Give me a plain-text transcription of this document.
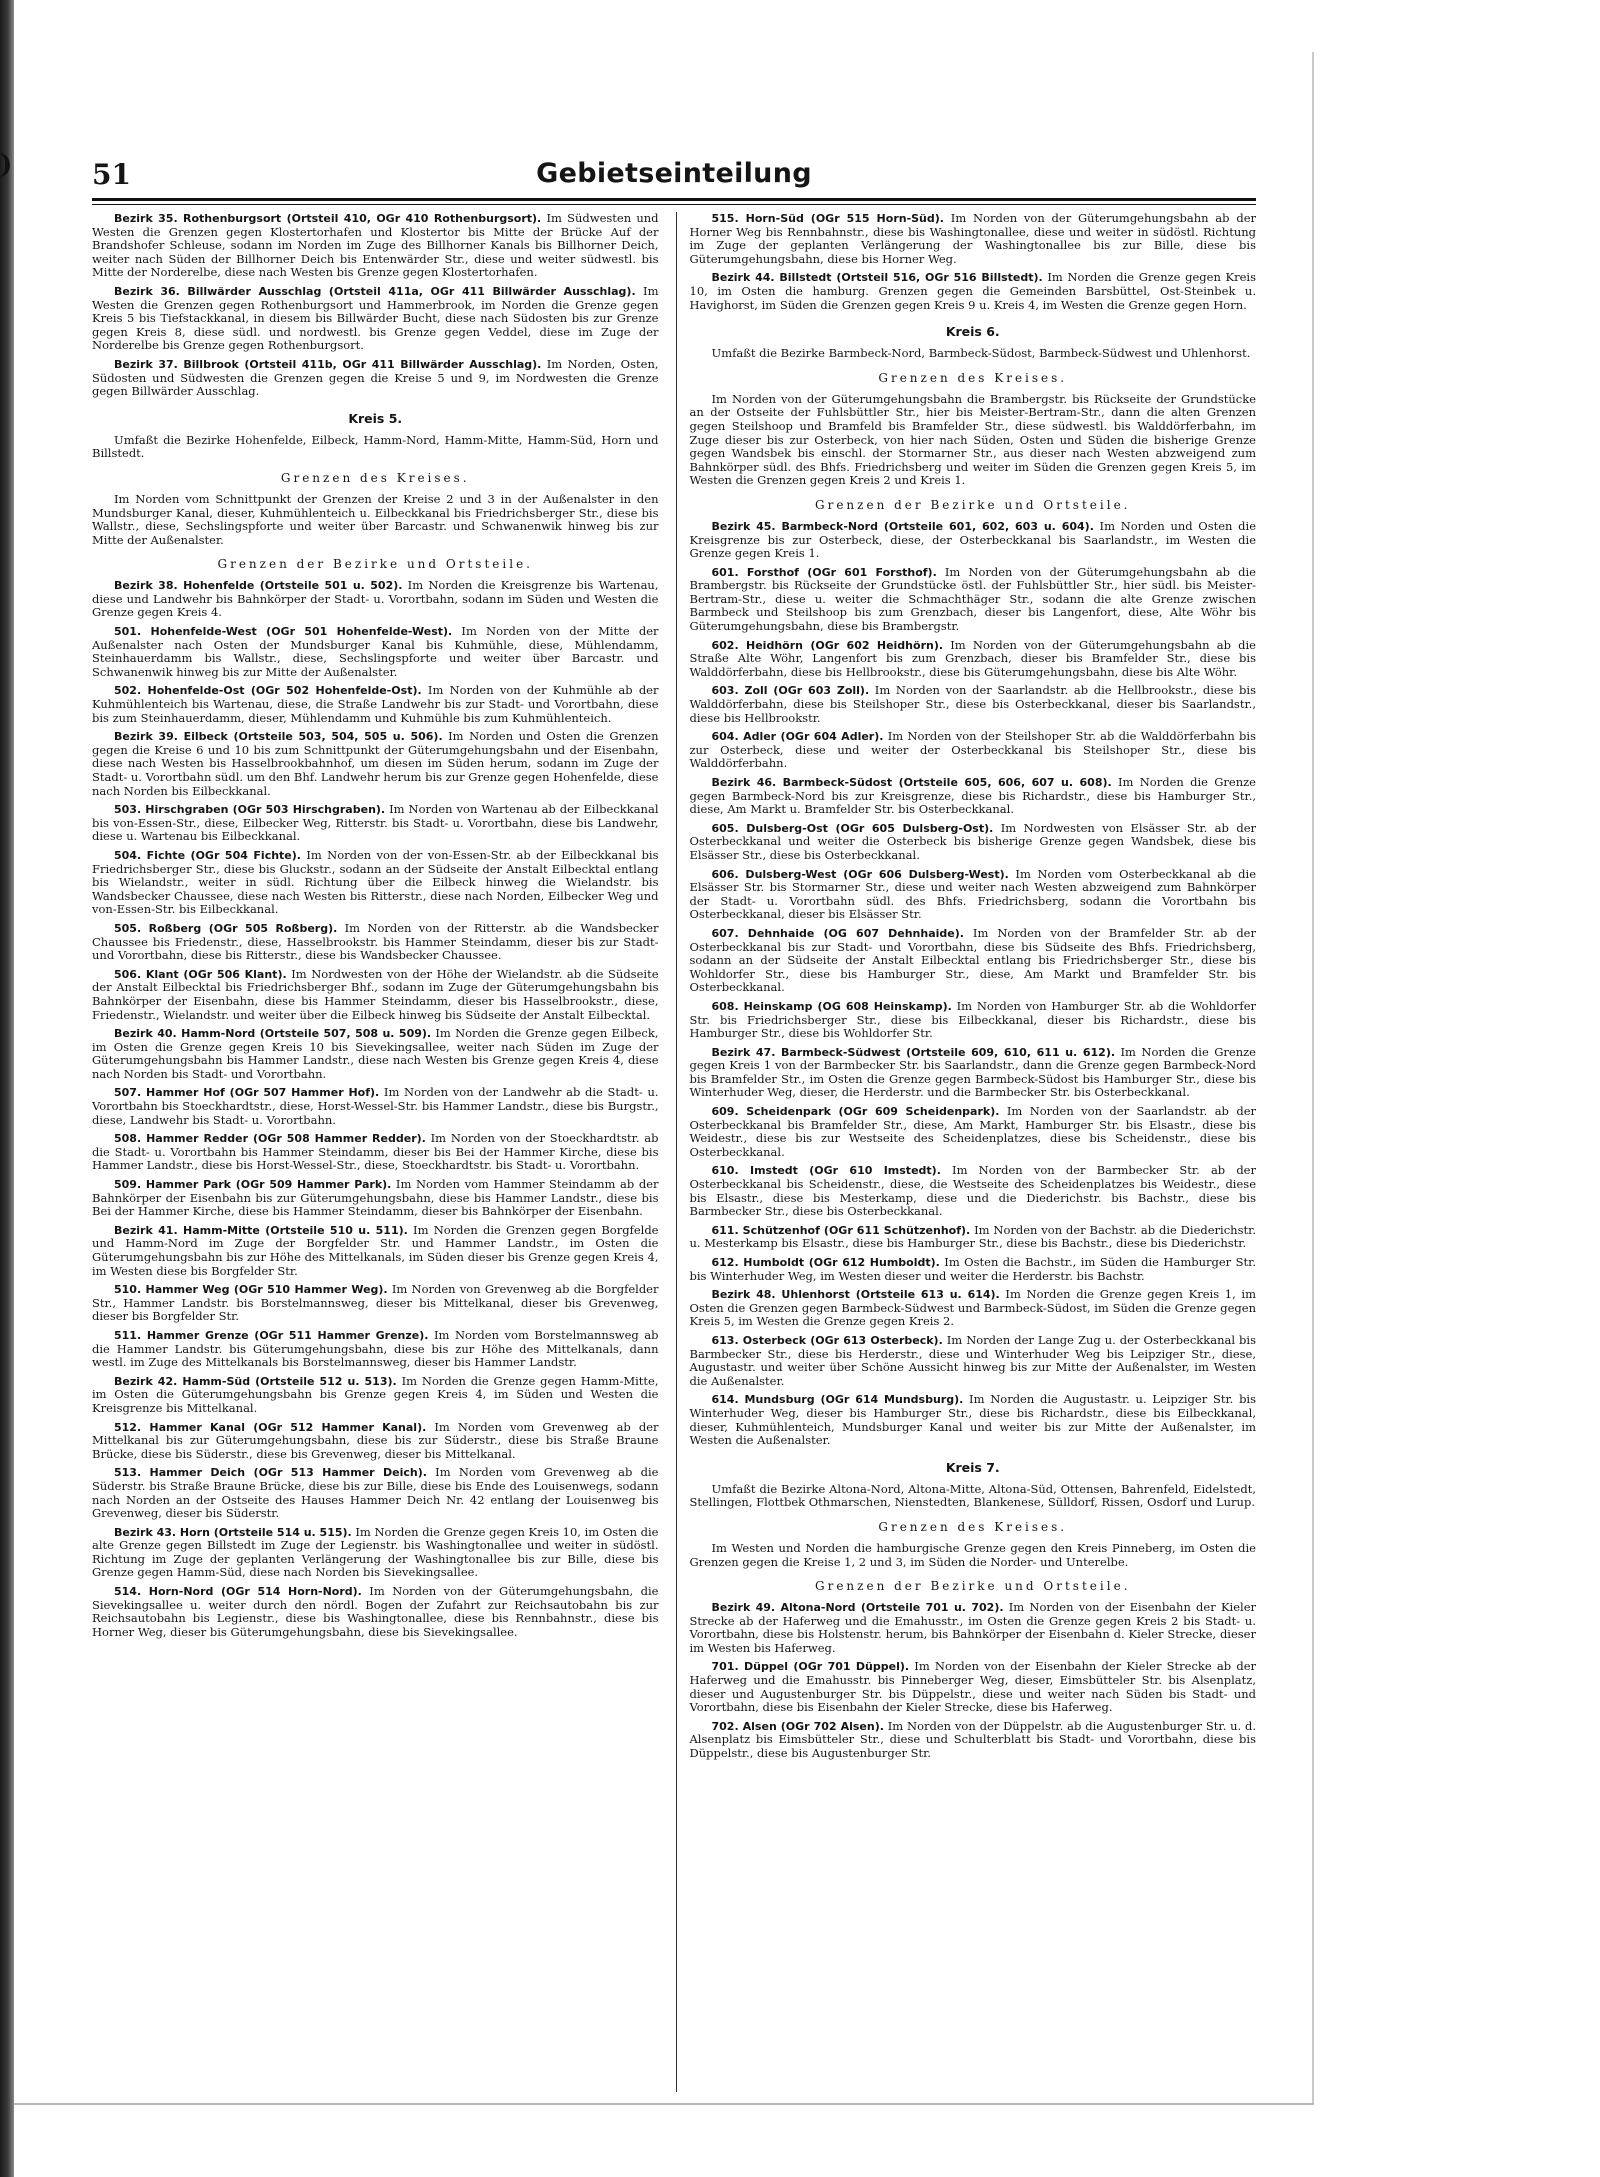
)	51	Gebietseinteilung

Bezirk 35. Rothenburgsort (Ortsteil 410, OGr 410 Rothenburgsort). Im Südwesten und Westen die Grenzen gegen Klostertorhafen und Klostertor bis Mitte der Brücke Auf der Brandshofer Schleuse, sodann im Norden im Zuge des Billhorner Kanals bis Billhorner Deich, weiter nach Süden der Billhorner Deich bis Entenwärder Str., diese und weiter südwestl. bis Mitte der Norderelbe, diese nach Westen bis Grenze gegen Klostertorhafen.

Bezirk 36. Billwärder Ausschlag (Ortsteil 411a, OGr 411 Billwärder Ausschlag). Im Westen die Grenzen gegen Rothenburgsort und Hammerbrook, im Norden die Grenze gegen Kreis 5 bis Tiefstackkanal, in diesem bis Billwärder Bucht, diese nach Südosten bis zur Grenze gegen Kreis 8, diese südl. und nordwestl. bis Grenze gegen Veddel, diese im Zuge der Norderelbe bis Grenze gegen Rothenburgsort.

Bezirk 37. Billbrook (Ortsteil 411b, OGr 411 Billwärder Ausschlag). Im Norden, Osten, Südosten und Südwesten die Grenzen gegen die Kreise 5 und 9, im Nordwesten die Grenze gegen Billwärder Ausschlag.

Kreis 5.

Umfaßt die Bezirke Hohenfelde, Eilbeck, Hamm-Nord, Hamm-Mitte, Hamm-Süd, Horn und Billstedt.

Grenzen des Kreises.

Im Norden vom Schnittpunkt der Grenzen der Kreise 2 und 3 in der Außenalster in den Mundsburger Kanal, dieser, Kuhmühlenteich u. Eilbeckkanal bis Friedrichsberger Str., diese bis Wallstr., diese, Sechslingspforte und weiter über Barcastr. und Schwanenwik hinweg bis zur Mitte der Außenalster.

Grenzen der Bezirke und Ortsteile.

Bezirk 38. Hohenfelde (Ortsteile 501 u. 502). Im Norden die Kreisgrenze bis Wartenau, diese und Landwehr bis Bahnkörper der Stadt- u. Vorortbahn, sodann im Süden und Westen die Grenze gegen Kreis 4.

501. Hohenfelde-West (OGr 501 Hohenfelde-West). Im Norden von der Mitte der Außenalster nach Osten der Mundsburger Kanal bis Kuhmühle, diese, Mühlendamm, Steinhauerdamm bis Wallstr., diese, Sechslingspforte und weiter über Barcastr. und Schwanenwik hinweg bis zur Mitte der Außenalster.

502. Hohenfelde-Ost (OGr 502 Hohenfelde-Ost). Im Norden von der Kuhmühle ab der Kuhmühlenteich bis Wartenau, diese, die Straße Landwehr bis zur Stadt- und Vorortbahn, diese bis zum Steinhauerdamm, dieser, Mühlendamm und Kuhmühle bis zum Kuhmühlenteich.

Bezirk 39. Eilbeck (Ortsteile 503, 504, 505 u. 506). Im Norden und Osten die Grenzen gegen die Kreise 6 und 10 bis zum Schnittpunkt der Güterumgehungsbahn und der Eisenbahn, diese nach Westen bis Hasselbrookbahnhof, um diesen im Süden herum, sodann im Zuge der Stadt- u. Vorortbahn südl. um den Bhf. Landwehr herum bis zur Grenze gegen Hohenfelde, diese nach Norden bis Eilbeckkanal.

503. Hirschgraben (OGr 503 Hirschgraben). Im Norden von Wartenau ab der Eilbeckkanal bis von-Essen-Str., diese, Eilbecker Weg, Ritterstr. bis Stadt- u. Vorortbahn, diese bis Landwehr, diese u. Wartenau bis Eilbeckkanal.

504. Fichte (OGr 504 Fichte). Im Norden von der von-Essen-Str. ab der Eilbeckkanal bis Friedrichsberger Str., diese bis Gluckstr., sodann an der Südseite der Anstalt Eilbecktal entlang bis Wielandstr., weiter in südl. Richtung über die Eilbeck hinweg die Wielandstr. bis Wandsbecker Chaussee, diese nach Westen bis Ritterstr., diese nach Norden, Eilbecker Weg und von-Essen-Str. bis Eilbeckkanal.

505. Roßberg (OGr 505 Roßberg). Im Norden von der Ritterstr. ab die Wandsbecker Chaussee bis Friedenstr., diese, Hasselbrookstr. bis Hammer Steindamm, dieser bis zur Stadt- und Vorortbahn, diese bis Ritterstr., diese bis Wandsbecker Chaussee.

506. Klant (OGr 506 Klant). Im Nordwesten von der Höhe der Wielandstr. ab die Südseite der Anstalt Eilbecktal bis Friedrichsberger Bhf., sodann im Zuge der Güterumgehungsbahn bis Bahnkörper der Eisenbahn, diese bis Hammer Steindamm, dieser bis Hasselbrookstr., diese, Friedenstr., Wielandstr. und weiter über die Eilbeck hinweg bis Südseite der Anstalt Eilbecktal.

Bezirk 40. Hamm-Nord (Ortsteile 507, 508 u. 509). Im Norden die Grenze gegen Eilbeck, im Osten die Grenze gegen Kreis 10 bis Sievekingsallee, weiter nach Süden im Zuge der Güterumgehungsbahn bis Hammer Landstr., diese nach Westen bis Grenze gegen Kreis 4, diese nach Norden bis Stadt- und Vorortbahn.

507. Hammer Hof (OGr 507 Hammer Hof). Im Norden von der Landwehr ab die Stadt- u. Vorortbahn bis Stoeckhardtstr., diese, Horst-Wessel-Str. bis Hammer Landstr., diese bis Burgstr., diese, Landwehr bis Stadt- u. Vorortbahn.

508. Hammer Redder (OGr 508 Hammer Redder). Im Norden von der Stoeckhardtstr. ab die Stadt- u. Vorortbahn bis Hammer Steindamm, dieser bis Bei der Hammer Kirche, diese bis Hammer Landstr., diese bis Horst-Wessel-Str., diese, Stoeckhardtstr. bis Stadt- u. Vorortbahn.

509. Hammer Park (OGr 509 Hammer Park). Im Norden vom Hammer Steindamm ab der Bahnkörper der Eisenbahn bis zur Güterumgehungsbahn, diese bis Hammer Landstr., diese bis Bei der Hammer Kirche, diese bis Hammer Steindamm, dieser bis Bahnkörper der Eisenbahn.

Bezirk 41. Hamm-Mitte (Ortsteile 510 u. 511). Im Norden die Grenzen gegen Borgfelde und Hamm-Nord im Zuge der Borgfelder Str. und Hammer Landstr., im Osten die Güterumgehungsbahn bis zur Höhe des Mittelkanals, im Süden dieser bis Grenze gegen Kreis 4, im Westen diese bis Borgfelder Str.

510. Hammer Weg (OGr 510 Hammer Weg). Im Norden von Grevenweg ab die Borgfelder Str., Hammer Landstr. bis Borstelmannsweg, dieser bis Mittelkanal, dieser bis Grevenweg, dieser bis Borgfelder Str.

511. Hammer Grenze (OGr 511 Hammer Grenze). Im Norden vom Borstelmannsweg ab die Hammer Landstr. bis Güterumgehungsbahn, diese bis zur Höhe des Mittelkanals, dann westl. im Zuge des Mittelkanals bis Borstelmannsweg, dieser bis Hammer Landstr.

Bezirk 42. Hamm-Süd (Ortsteile 512 u. 513). Im Norden die Grenze gegen Hamm-Mitte, im Osten die Güterumgehungsbahn bis Grenze gegen Kreis 4, im Süden und Westen die Kreisgrenze bis Mittelkanal.

512. Hammer Kanal (OGr 512 Hammer Kanal). Im Norden vom Grevenweg ab der Mittelkanal bis zur Güterumgehungsbahn, diese bis zur Süderstr., diese bis Straße Braune Brücke, diese bis Süderstr., diese bis Grevenweg, dieser bis Mittelkanal.

513. Hammer Deich (OGr 513 Hammer Deich). Im Norden vom Grevenweg ab die Süderstr. bis Straße Braune Brücke, diese bis zur Bille, diese bis Ende des Louisenwegs, sodann nach Norden an der Ostseite des Hauses Hammer Deich Nr. 42 entlang der Louisenweg bis Grevenweg, dieser bis Süderstr.

Bezirk 43. Horn (Ortsteile 514 u. 515). Im Norden die Grenze gegen Kreis 10, im Osten die alte Grenze gegen Billstedt im Zuge der Legienstr. bis Washingtonallee und weiter in südöstl. Richtung im Zuge der geplanten Verlängerung der Washingtonallee bis zur Bille, diese bis Grenze gegen Hamm-Süd, diese nach Norden bis Sievekingsallee.

514. Horn-Nord (OGr 514 Horn-Nord). Im Norden von der Güterumgehungsbahn, die Sievekingsallee u. weiter durch den nördl. Bogen der Zufahrt zur Reichsautobahn bis zur Reichsautobahn bis Legienstr., diese bis Washingtonallee, diese bis Rennbahnstr., diese bis Horner Weg, dieser bis Güterumgehungsbahn, diese bis Sievekingsallee.

515. Horn-Süd (OGr 515 Horn-Süd). Im Norden von der Güterumgehungsbahn ab der Horner Weg bis Rennbahnstr., diese bis Washingtonallee, diese und weiter in südöstl. Richtung im Zuge der geplanten Verlängerung der Washingtonallee bis zur Bille, diese bis Güterumgehungsbahn, diese bis Horner Weg.

Bezirk 44. Billstedt (Ortsteil 516, OGr 516 Billstedt). Im Norden die Grenze gegen Kreis 10, im Osten die hamburg. Grenzen gegen die Gemeinden Barsbüttel, Ost-Steinbek u. Havighorst, im Süden die Grenzen gegen Kreis 9 u. Kreis 4, im Westen die Grenze gegen Horn.

Kreis 6.

Umfaßt die Bezirke Barmbeck-Nord, Barmbeck-Südost, Barmbeck-Südwest und Uhlenhorst.

Grenzen des Kreises.

Im Norden von der Güterumgehungsbahn die Brambergstr. bis Rückseite der Grundstücke an der Ostseite der Fuhlsbüttler Str., hier bis Meister-Bertram-Str., dann die alten Grenzen gegen Steilshoop und Bramfeld bis Bramfelder Str., diese südwestl. bis Walddörferbahn, im Zuge dieser bis zur Osterbeck, von hier nach Süden, Osten und Süden die bisherige Grenze gegen Wandsbek bis einschl. der Stormarner Str., aus dieser nach Westen abzweigend zum Bahnkörper südl. des Bhfs. Friedrichsberg und weiter im Süden die Grenzen gegen Kreis 5, im Westen die Grenzen gegen Kreis 2 und Kreis 1.

Grenzen der Bezirke und Ortsteile.

Bezirk 45. Barmbeck-Nord (Ortsteile 601, 602, 603 u. 604). Im Norden und Osten die Kreisgrenze bis zur Osterbeck, diese, der Osterbeckkanal bis Saarlandstr., im Westen die Grenze gegen Kreis 1.

601. Forsthof (OGr 601 Forsthof). Im Norden von der Güterumgehungsbahn ab die Brambergstr. bis Rückseite der Grundstücke östl. der Fuhlsbüttler Str., hier südl. bis Meister-Bertram-Str., diese u. weiter die Schmachthäger Str., sodann die alte Grenze zwischen Barmbeck und Steilshoop bis zum Grenzbach, dieser bis Langenfort, diese, Alte Wöhr bis Güterumgehungsbahn, diese bis Brambergstr.

602. Heidhörn (OGr 602 Heidhörn). Im Norden von der Güterumgehungsbahn ab die Straße Alte Wöhr, Langenfort bis zum Grenzbach, dieser bis Bramfelder Str., diese bis Walddörferbahn, diese bis Hellbrookstr., diese bis Güterumgehungsbahn, diese bis Alte Wöhr.

603. Zoll (OGr 603 Zoll). Im Norden von der Saarlandstr. ab die Hellbrookstr., diese bis Walddörferbahn, diese bis Steilshoper Str., diese bis Osterbeckkanal, dieser bis Saarlandstr., diese bis Hellbrookstr.

604. Adler (OGr 604 Adler). Im Norden von der Steilshoper Str. ab die Walddörferbahn bis zur Osterbeck, diese und weiter der Osterbeckkanal bis Steilshoper Str., diese bis Walddörferbahn.

Bezirk 46. Barmbeck-Südost (Ortsteile 605, 606, 607 u. 608). Im Norden die Grenze gegen Barmbeck-Nord bis zur Kreisgrenze, diese bis Richardstr., diese bis Hamburger Str., diese, Am Markt u. Bramfelder Str. bis Osterbeckkanal.

605. Dulsberg-Ost (OGr 605 Dulsberg-Ost). Im Nordwesten von Elsässer Str. ab der Osterbeckkanal und weiter die Osterbeck bis bisherige Grenze gegen Wandsbek, diese bis Elsässer Str., diese bis Osterbeckkanal.

606. Dulsberg-West (OGr 606 Dulsberg-West). Im Norden vom Osterbeckkanal ab die Elsässer Str. bis Stormarner Str., diese und weiter nach Westen abzweigend zum Bahnkörper der Stadt- u. Vorortbahn südl. des Bhfs. Friedrichsberg, sodann die Vorortbahn bis Osterbeckkanal, dieser bis Elsässer Str.

607. Dehnhaide (OG 607 Dehnhaide). Im Norden von der Bramfelder Str. ab der Osterbeckkanal bis zur Stadt- und Vorortbahn, diese bis Südseite des Bhfs. Friedrichsberg, sodann an der Südseite der Anstalt Eilbecktal entlang bis Friedrichsberger Str., diese bis Wohldorfer Str., diese bis Hamburger Str., diese, Am Markt und Bramfelder Str. bis Osterbeckkanal.

608. Heinskamp (OG 608 Heinskamp). Im Norden von Hamburger Str. ab die Wohldorfer Str. bis Friedrichsberger Str., diese bis Eilbeckkanal, dieser bis Richardstr., diese bis Hamburger Str., diese bis Wohldorfer Str.

Bezirk 47. Barmbeck-Südwest (Ortsteile 609, 610, 611 u. 612). Im Norden die Grenze gegen Kreis 1 von der Barmbecker Str. bis Saarlandstr., dann die Grenze gegen Barmbeck-Nord bis Bramfelder Str., im Osten die Grenze gegen Barmbeck-Südost bis Hamburger Str., diese bis Winterhuder Weg, dieser, die Herderstr. und die Barmbecker Str. bis Osterbeckkanal.

609. Scheidenpark (OGr 609 Scheidenpark). Im Norden von der Saarlandstr. ab der Osterbeckkanal bis Bramfelder Str., diese, Am Markt, Hamburger Str. bis Elsastr., diese bis Weidestr., diese bis zur Westseite des Scheidenplatzes, diese bis Scheidenstr., diese bis Osterbeckkanal.

610. Imstedt (OGr 610 Imstedt). Im Norden von der Barmbecker Str. ab der Osterbeckkanal bis Scheidenstr., diese, die Westseite des Scheidenplatzes bis Weidestr., diese bis Elsastr., diese bis Mesterkamp, diese und die Diederichstr. bis Bachstr., diese bis Barmbecker Str., diese bis Osterbeckkanal.

611. Schützenhof (OGr 611 Schützenhof). Im Norden von der Bachstr. ab die Diederichstr. u. Mesterkamp bis Elsastr., diese bis Hamburger Str., diese bis Bachstr., diese bis Diederichstr.

612. Humboldt (OGr 612 Humboldt). Im Osten die Bachstr., im Süden die Hamburger Str. bis Winterhuder Weg, im Westen dieser und weiter die Herderstr. bis Bachstr.

Bezirk 48. Uhlenhorst (Ortsteile 613 u. 614). Im Norden die Grenze gegen Kreis 1, im Osten die Grenzen gegen Barmbeck-Südwest und Barmbeck-Südost, im Süden die Grenze gegen Kreis 5, im Westen die Grenze gegen Kreis 2.

613. Osterbeck (OGr 613 Osterbeck). Im Norden der Lange Zug u. der Osterbeckkanal bis Barmbecker Str., diese bis Herderstr., diese und Winterhuder Weg bis Leipziger Str., diese, Augustastr. und weiter über Schöne Aussicht hinweg bis zur Mitte der Außenalster, im Westen die Außenalster.

614. Mundsburg (OGr 614 Mundsburg). Im Norden die Augustastr. u. Leipziger Str. bis Winterhuder Weg, dieser bis Hamburger Str., diese bis Richardstr., diese bis Eilbeckkanal, dieser, Kuhmühlenteich, Mundsburger Kanal und weiter bis zur Mitte der Außenalster, im Westen die Außenalster.

Kreis 7.

Umfaßt die Bezirke Altona-Nord, Altona-Mitte, Altona-Süd, Ottensen, Bahrenfeld, Eidelstedt, Stellingen, Flottbek Othmarschen, Nienstedten, Blankenese, Sülldorf, Rissen, Osdorf und Lurup.

Grenzen des Kreises.

Im Westen und Norden die hamburgische Grenze gegen den Kreis Pinneberg, im Osten die Grenzen gegen die Kreise 1, 2 und 3, im Süden die Norder- und Unterelbe.

Grenzen der Bezirke und Ortsteile.

Bezirk 49. Altona-Nord (Ortsteile 701 u. 702). Im Norden von der Eisenbahn der Kieler Strecke ab der Haferweg und die Emahusstr., im Osten die Grenze gegen Kreis 2 bis Stadt- u. Vorortbahn, diese bis Holstenstr. herum, bis Bahnkörper der Eisenbahn d. Kieler Strecke, dieser im Westen bis Haferweg.

701. Düppel (OGr 701 Düppel). Im Norden von der Eisenbahn der Kieler Strecke ab der Haferweg und die Emahusstr. bis Pinneberger Weg, dieser, Eimsbütteler Str. bis Alsenplatz, dieser und Augustenburger Str. bis Düppelstr., diese und weiter nach Süden bis Stadt- und Vorortbahn, diese bis Eisenbahn der Kieler Strecke, diese bis Haferweg.

702. Alsen (OGr 702 Alsen). Im Norden von der Düppelstr. ab die Augustenburger Str. u. d. Alsenplatz bis Eimsbütteler Str., diese und Schulterblatt bis Stadt- und Vorortbahn, diese bis Düppelstr., diese bis Augustenburger Str.
